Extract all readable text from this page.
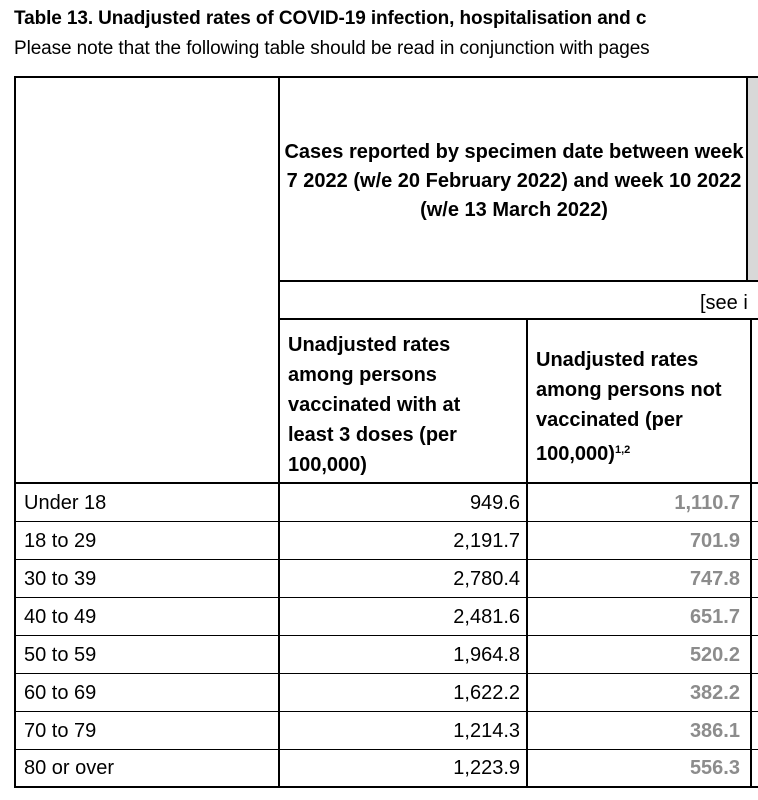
Table 13. Unadjusted rates of COVID-19 infection, hospitalisation and c
Please note that the following table should be read in conjunction with pages
Cases reported by specimen date between week 7 2022 (w/e 20 February 2022) and week 10 2022 (w/e 13 March 2022)
[see i
Unadjusted rates among persons vaccinated with at least 3 doses (per 100,000)
Unadjusted rates among persons not vaccinated (per 100,000)$^{1,2}$
Under 18	949.6	1,110.7
18 to 29	2,191.7	701.9
30 to 39	2,780.4	747.8
40 to 49	2,481.6	651.7
50 to 59	1,964.8	520.2
60 to 69	1,622.2	382.2
70 to 79	1,214.3	386.1
80 or over	1,223.9	556.3
